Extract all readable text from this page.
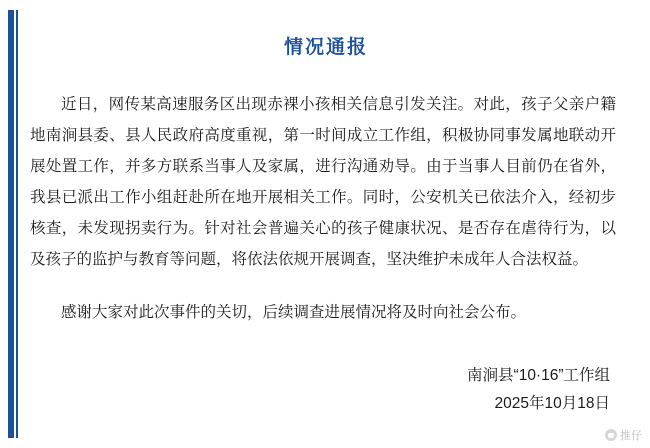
情况通报
近日，网传某高速服务区出现赤裸小孩相关信息引发关注。对此，孩子父亲户籍地南涧县委、县人民政府高度重视，第一时间成立工作组，积极协同事发属地联动开展处置工作，并多方联系当事人及家属，进行沟通劝导。由于当事人目前仍在省外，我县已派出工作小组赶赴所在地开展相关工作。同时，公安机关已依法介入，经初步核查，未发现拐卖行为。针对社会普遍关心的孩子健康状况、是否存在虐待行为，以及孩子的监护与教育等问题，将依法依规开展调查，坚决维护未成年人合法权益。
感谢大家对此次事件的关切，后续调查进展情况将及时向社会公布。
南涧县“10·16”工作组
2025年10月18日
推仔
